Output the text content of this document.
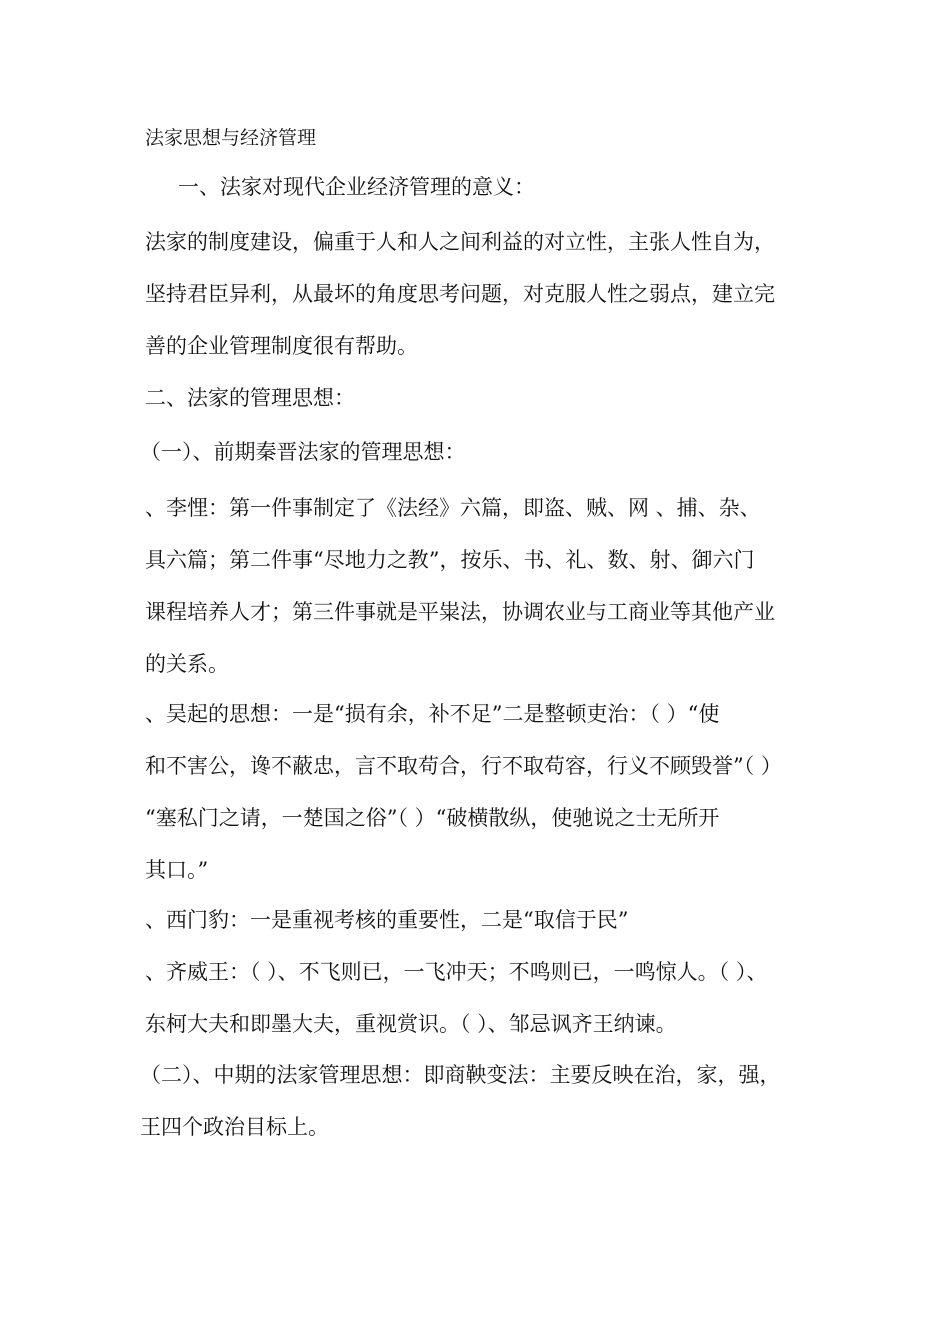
法家思想与经济管理
一、法家对现代企业经济管理的意义：
法家的制度建设，偏重于人和人之间利益的对立性，主张人性自为，
坚持君臣异利，从最坏的角度思考问题，对克服人性之弱点，建立完
善的企业管理制度很有帮助。
二、法家的管理思想：
（一）、前期秦晋法家的管理思想：
、李悝：第一件事制定了《法经》六篇，即盗、贼、网 、捕、杂、
具六篇；第二件事“尽地力之教”，按乐、书、礼、数、射、御六门
课程培养人才；第三件事就是平粜法，协调农业与工商业等其他产业
的关系。
、吴起的思想：一是“损有余，补不足”二是整顿吏治：（ ）“使
和不害公，谗不蔽忠，言不取苟合，行不取苟容，行义不顾毁誉”（ ）
“塞私门之请，一楚国之俗”（ ）“破横散纵，使驰说之士无所开
其口。”
、西门豹：一是重视考核的重要性，二是“取信于民”
、齐威王：（ ）、不飞则已，一飞冲天；不鸣则已，一鸣惊人。（ ）、
东柯大夫和即墨大夫，重视赏识。（ ）、邹忌讽齐王纳谏。
（二）、中期的法家管理思想：即商鞅变法：主要反映在治，家，强，
王四个政治目标上。
